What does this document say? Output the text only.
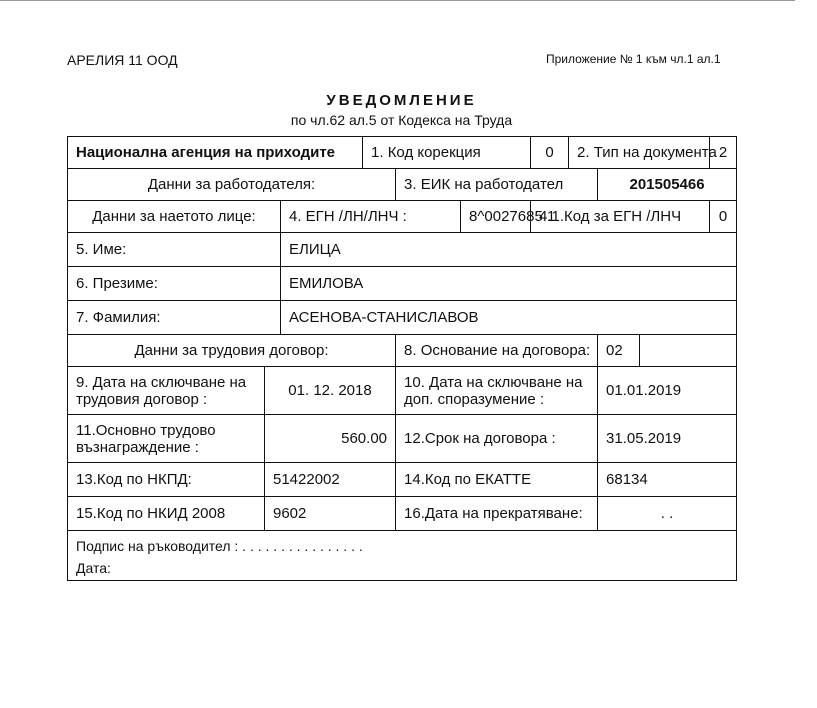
АРЕЛИЯ 11 ООД	Приложение № 1 към чл.1 ал.1
УВЕДОМЛЕНИЕ
по чл.62 ал.5 от Кодекса на Труда
Национална агенция на приходите			1. Код корекция			0	2. Тип на документа			2
Данни за работодателя:				3. ЕИК на работодател				201505466		
Данни за наетото лице:		4. ЕГН /ЛН/ЛНЧ :			8^0027685 1	4.1.Код за ЕГН /ЛНЧ				0
5. Име:		ЕЛИЦА								
6. Презиме:		ЕМИЛОВА								
7. Фамилия:		АСЕНОВА-СТАНИСЛАВОВ								
Данни за трудовия договор:				8. Основание на договора:				02		
9. Дата на сключване на трудовия договор :	01. 12. 2018			10. Дата на сключване на доп. споразумение :				01.01.2019		
11.Основно трудово възнаграждение :	560.00			12.Срок на договора :				31.05.2019		
13.Код по НКПД:	51422002			14.Код по ЕКАТТЕ				68134		
15.Код по НКИД 2008	9602			16.Дата на прекратяване:				. .		

Подпис на ръководител : . . . . . . . . . . . . . . . .
Дата:										
